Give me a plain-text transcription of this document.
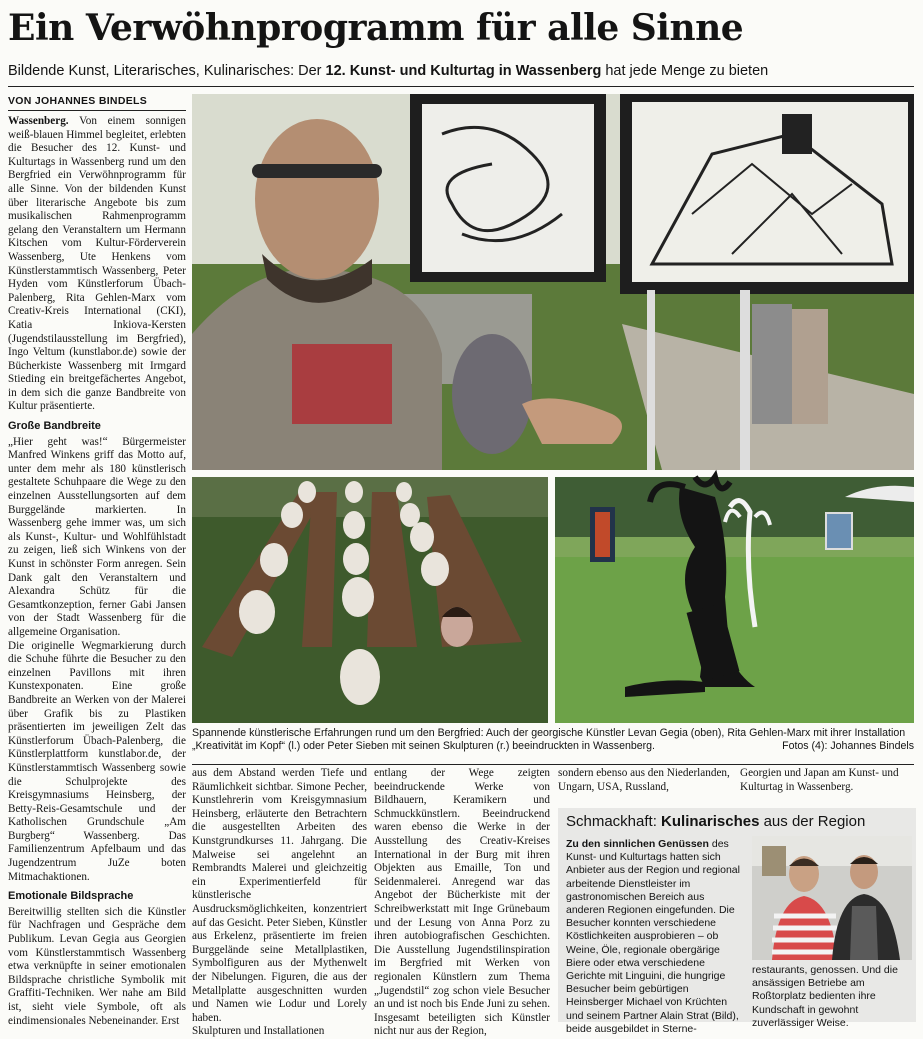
Ein Verwöhnprogramm für alle Sinne
Bildende Kunst, Literarisches, Kulinarisches: Der 12. Kunst- und Kulturtag in Wassenberg hat jede Menge zu bieten
VON JOHANNES BINDELS

Wassenberg. Von einem sonnigen weiß-blauen Himmel begleitet, erlebten die Besucher des 12. Kunst- und Kulturtags in Wassenberg rund um den Bergfried ein Verwöhnprogramm für alle Sinne. Von der bildenden Kunst über literarische Angebote bis zum musikalischen Rahmenprogramm gelang den Veranstaltern um Hermann Kitschen vom Kultur-Förderverein Wassenberg, Ute Henkens vom Künstlerstammtisch Wassenberg, Peter Hyden vom Künstlerforum Übach-Palenberg, Rita Gehlen-Marx vom Creativ-Kreis International (CKI), Katia Inkiova-Kersten (Jugendstilausstellung im Bergfried), Ingo Veltum (kunstlabor.de) sowie der Bücherkiste Wassenberg mit Irmgard Stieding ein breitgefächertes Angebot, in dem sich die ganze Bandbreite von Kultur präsentierte.

Große Bandbreite

„Hier geht was!“ Bürgermeister Manfred Winkens griff das Motto auf, unter dem mehr als 180 künstlerisch gestaltete Schuhpaare die Wege zu den einzelnen Ausstellungsorten auf dem Burggelände markierten. In Wassenberg gehe immer was, um sich als Kunst-, Kultur- und Wohlfühlstadt zu zeigen, ließ sich Winkens von der Kunst in schönster Form anregen. Sein Dank galt den Veranstaltern und Alexandra Schütz für die Gesamtkonzeption, ferner Gabi Jansen von der Stadt Wassenberg für die allgemeine Organisation.

Die originelle Wegmarkierung durch die Schuhe führte die Besucher zu den einzelnen Pavillons mit ihren Kunstexponaten. Eine große Bandbreite an Werken von der Malerei über Grafik bis zu Plastiken präsentierten im jeweiligen Zelt das Künstlerforum Übach-Palenberg, die Künstlerplattform kunstlabor.de, der Künstlerstammtisch Wassenberg sowie die Schulprojekte des Kreisgymnasiums Heinsberg, der Betty-Reis-Gesamtschule und der Katholischen Grundschule „Am Burgberg“ Wassenberg. Das Familienzentrum Apfelbaum und das Jugendzentrum JuZe boten Mitmachaktionen.

Emotionale Bildsprache

Bereitwillig stellten sich die Künstler für Nachfragen und Gespräche dem Publikum. Levan Gegia aus Georgien vom Künstlerstammtisch Wassenberg etwa verknüpfte in seiner emotionalen Bildsprache christliche Symbolik mit Graffiti-Techniken. Wer nahe am Bild ist, sieht viele Symbole, oft als eindimensionales Nebeneinander. Erst

Spannende künstlerische Erfahrungen rund um den Bergfried: Auch der georgische Künstler Levan Gegia (oben), Rita Gehlen-Marx mit ihrer Installation „Kreativität im Kopf“ (l.) oder Peter Sieben mit seinen Skulpturen (r.) beeindruckten in Wassenberg.	Fotos (4): Johannes Bindels
aus dem Abstand werden Tiefe und Räumlichkeit sichtbar. Simone Pecher, Kunstlehrerin vom Kreisgymnasium Heinsberg, erläuterte den Betrachtern die ausgestellten Arbeiten des Kunstgrundkurses 11. Jahrgang. Die Malweise sei angelehnt an Rembrandts Malerei und gleichzeitig ein Experimentierfeld für künstlerische Ausdrucksmöglichkeiten, konzentriert auf das Gesicht. Peter Sieben, Künstler aus Erkelenz, präsentierte im freien Burggelände seine Metallplastiken, Symbolfiguren aus der Mythenwelt der Nibelungen. Figuren, die aus der Metallplatte ausgeschnitten wurden und Namen wie Lodur und Lorely haben.
Skulpturen und Installationen
entlang der Wege zeigten beeindruckende Werke von Bildhauern, Keramikern und Schmuckkünstlern. Beeindruckend waren ebenso die Werke in der Ausstellung des Creativ-Kreises International in der Burg mit ihren Objekten aus Emaille, Ton und Seidenmalerei. Anregend war das Angebot der Bücherkiste mit der Schreibwerkstatt mit Inge Grünebaum und der Lesung von Anna Porz zu ihren autobiografischen Geschichten. Die Ausstellung Jugendstilinspiration im Bergfried mit Werken von regionalen Künstlern zum Thema „Jugendstil“ zog schon viele Besucher an und ist noch bis Ende Juni zu sehen. Insgesamt beteiligten sich Künstler nicht nur aus der Region,
sondern ebenso aus den Niederlanden, Ungarn, USA, Russland,
Georgien und Japan am Kunst- und Kulturtag in Wassenberg.
Schmackhaft: Kulinarisches aus der Region
Zu den sinnlichen Genüssen des Kunst- und Kulturtags hatten sich Anbieter aus der Region und regional arbeitende Dienstleister im gastronomischen Bereich aus anderen Regionen eingefunden. Die Besucher konnten verschiedene Köstlichkeiten ausprobieren – ob Weine, Öle, regionale obergärige Biere oder etwa verschiedene Gerichte mit Linguini, die hungrige Besucher beim gebürtigen Heinsberger Michael von Krüchten und seinem Partner Alain Strat (Bild), beide ausgebildet in Sterne-
restaurants, genossen. Und die ansässigen Betriebe am Roßtorplatz bedienten ihre Kundschaft in gewohnt zuverlässiger Weise.
